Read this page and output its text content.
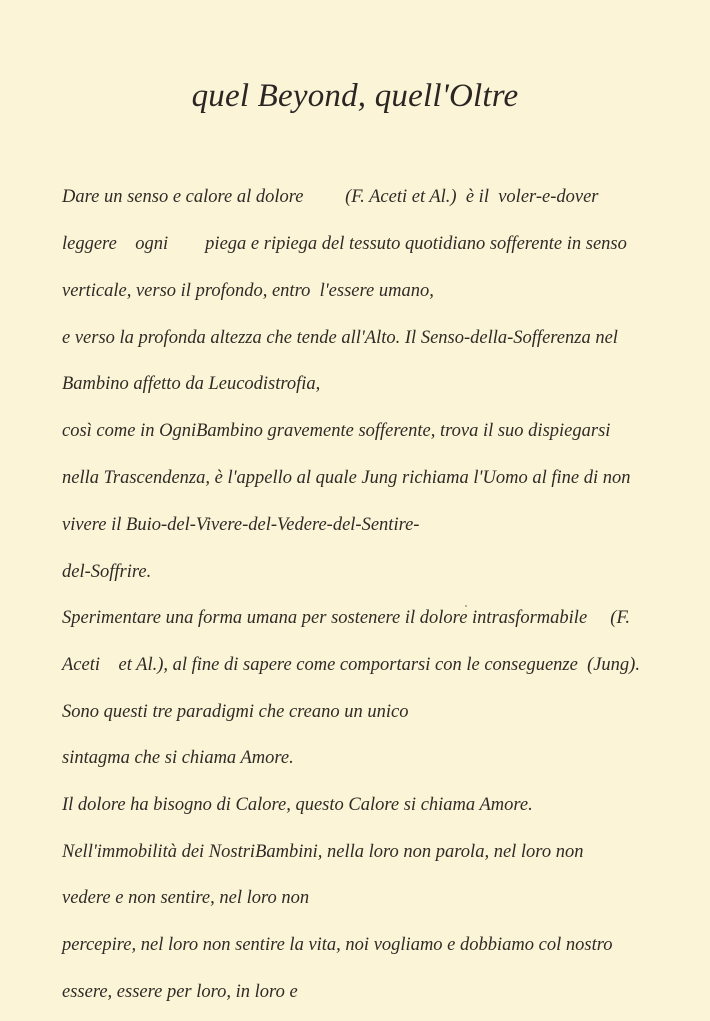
quel Beyond, quell'Oltre
Dare un senso e calore al dolore         (F. Aceti et Al.)  è il  voler-e-dover
leggere    ogni        piega e ripiega del tessuto quotidiano sofferente in senso
verticale, verso il profondo, entro  l'essere umano,
e verso la profonda altezza che tende all'Alto. Il Senso-della-Sofferenza nel
Bambino affetto da Leucodistrofia,
così come in OgniBambino gravemente sofferente, trova il suo dispiegarsi
nella Trascendenza, è l'appello al quale Jung richiama l'Uomo al fine di non
vivere il Buio-del-Vivere-del-Vedere-del-Sentire-
del-Soffrire.
Sperimentare una forma umana per sostenere il dolore intrasformabile     (F.
Aceti    et Al.), al fine di sapere come comportarsi con le conseguenze  (Jung).
Sono questi tre paradigmi che creano un unico
sintagma che si chiama Amore.
Il dolore ha bisogno di Calore, questo Calore si chiama Amore.
Nell'immobilità dei NostriBambini, nella loro non parola, nel loro non
vedere e non sentire, nel loro non
percepire, nel loro non sentire la vita, noi vogliamo e dobbiamo col nostro
essere, essere per loro, in loro e
